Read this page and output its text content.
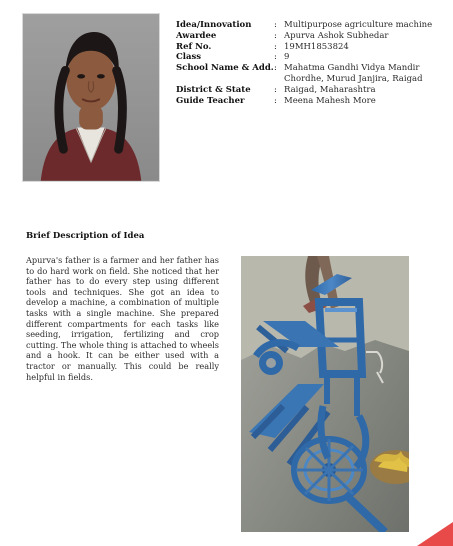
Idea/Innovation	: Multipurpose agriculture machine
Awardee	: Apurva Ashok Subhedar
Ref No.	: 19MH1853824
Class	: 9
School Name & Add. : Mahatma Gandhi Vidya Mandir Chordhe, Murud Janjira, Raigad
District & State	: Raigad, Maharashtra
Guide Teacher	: Meena Mahesh More
Brief Description of Idea

Apurva's father is a farmer and her father has to do hard work on field. She noticed that her father has to do every step using different tools and techniques. She got an idea to develop a machine, a combination of multiple tasks with a single machine. She prepared different compartments for each tasks like seeding, irrigation, fertilizing and crop cutting. The whole thing is attached to wheels and a hook. It can be either used with a tractor or manually. This could be really helpful in fields.
